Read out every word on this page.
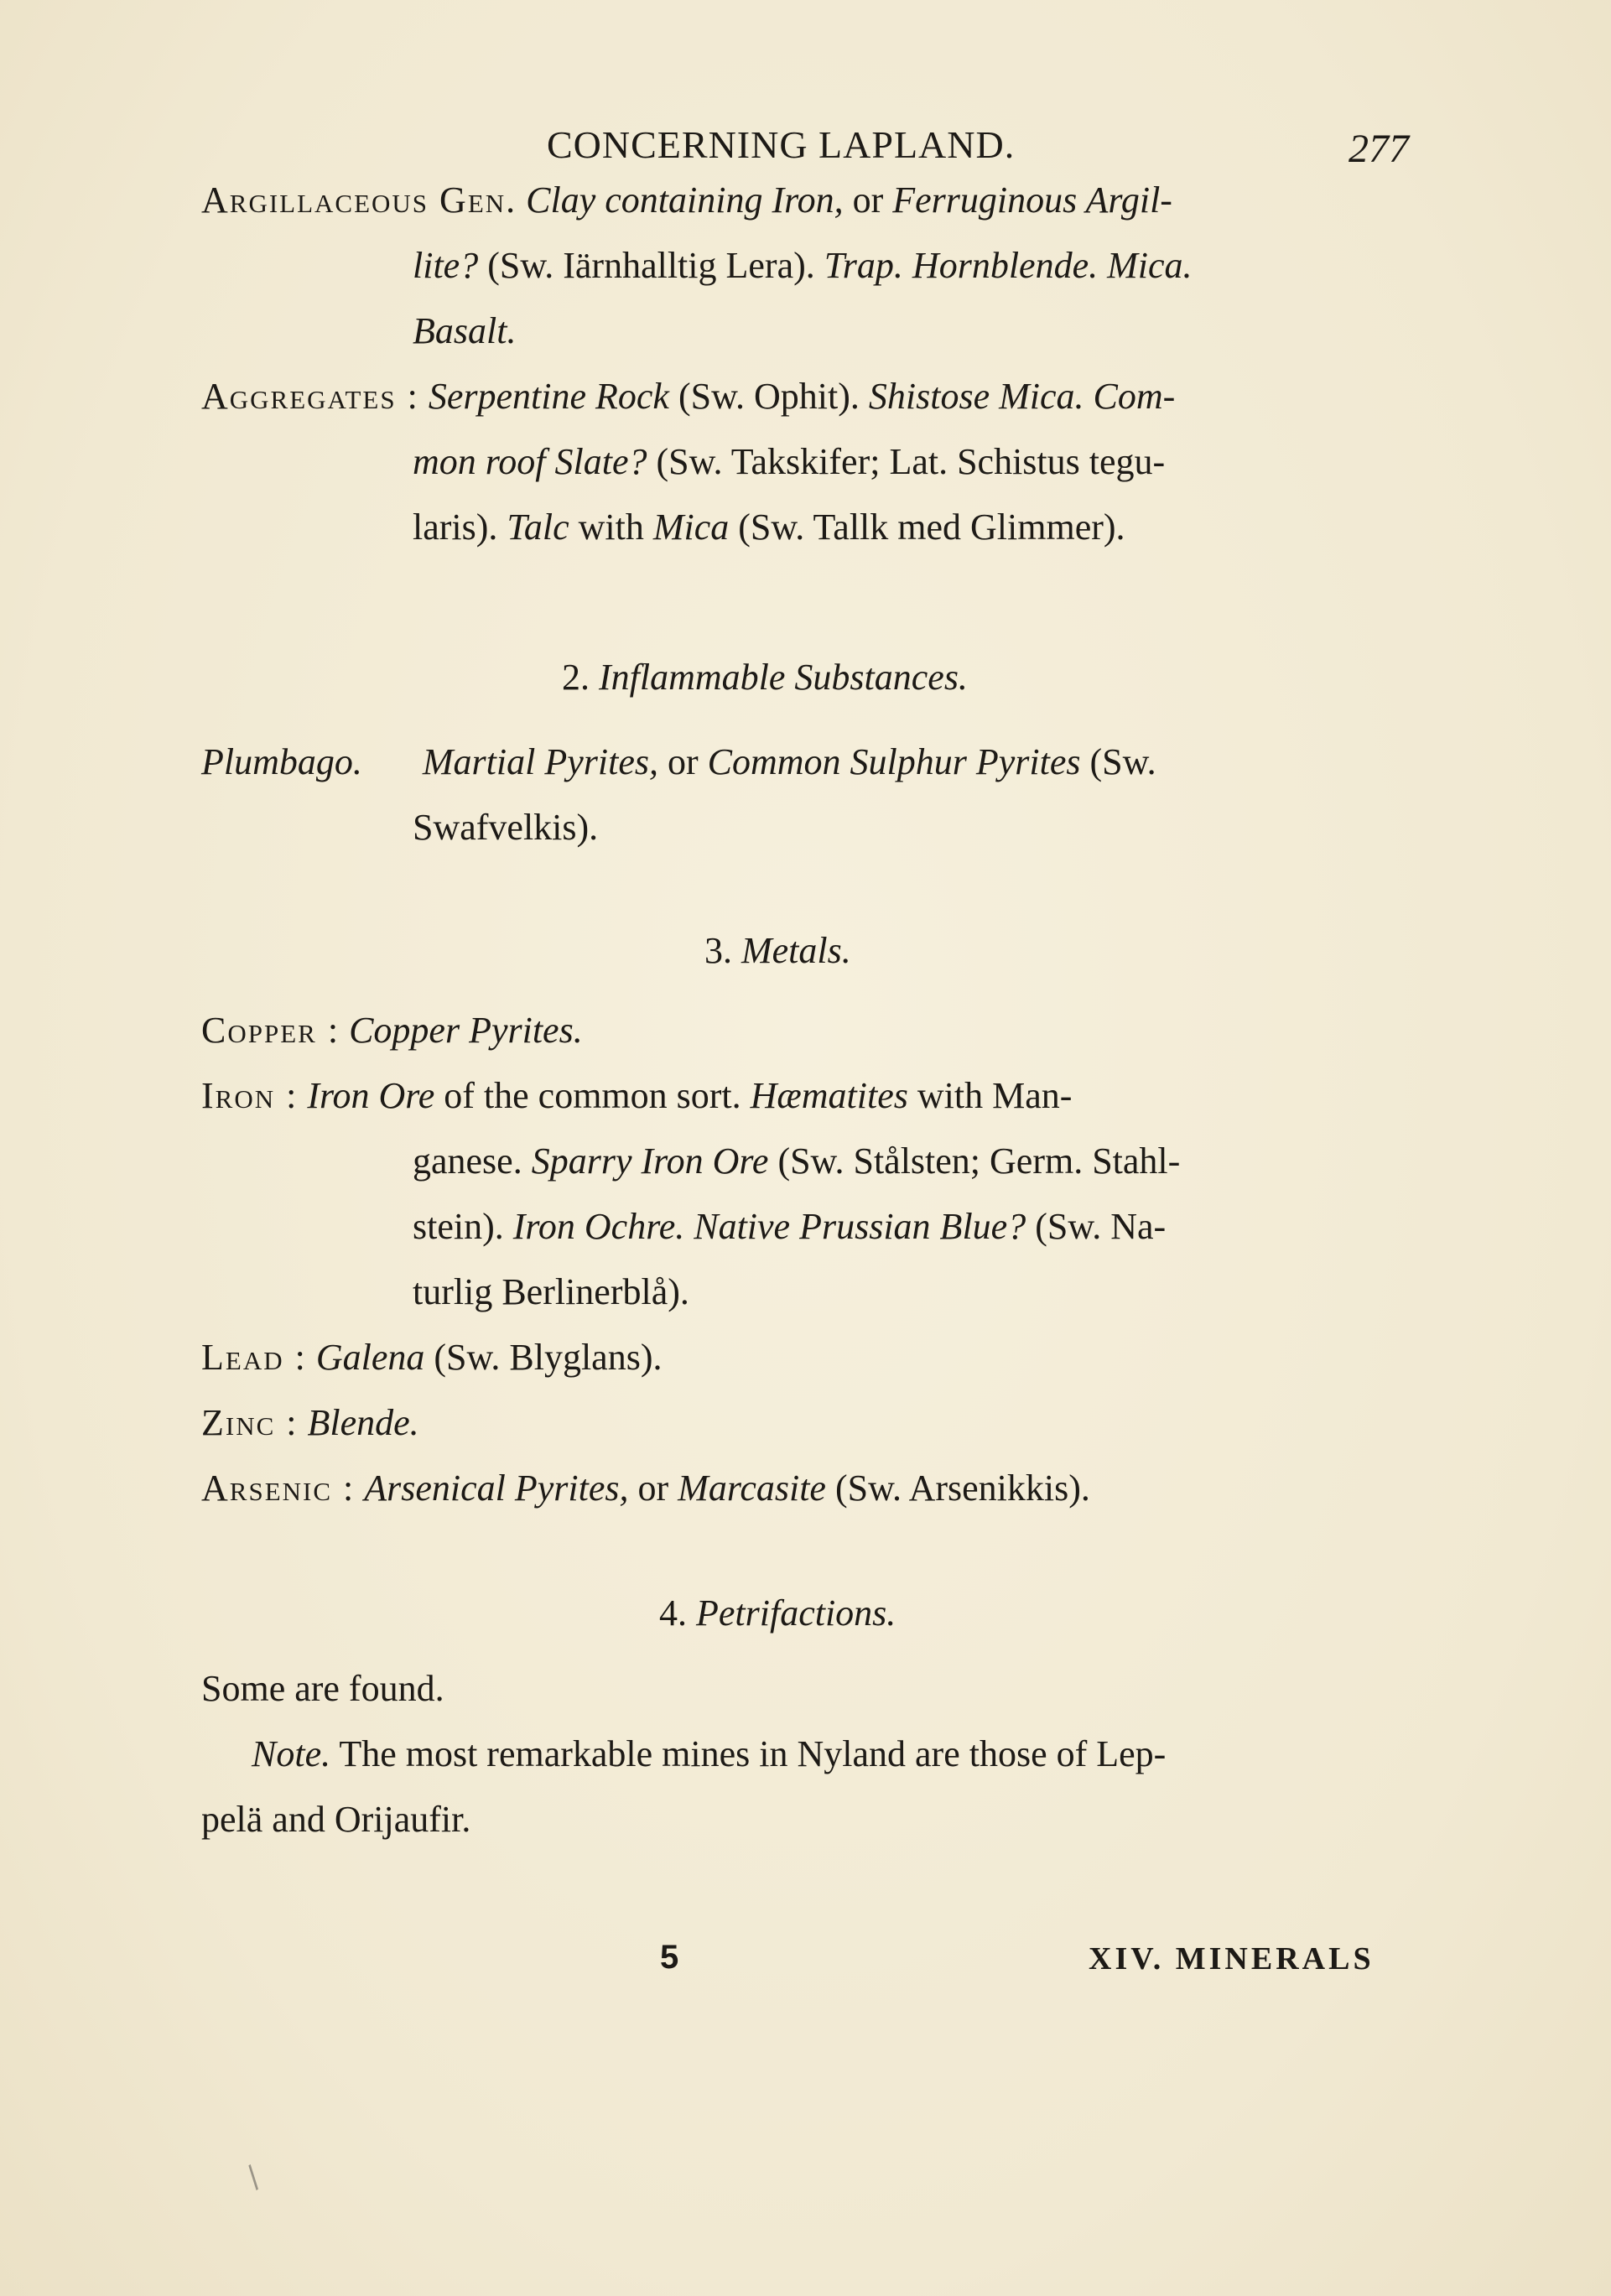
CONCERNING LAPLAND.	277
Argillaceous Gen. Clay containing Iron, or Ferruginous Argil-
lite? (Sw. Iärnhalltig Lera). Trap. Hornblende. Mica.
Basalt.
Aggregates : Serpentine Rock (Sw. Ophit). Shistose Mica. Com-
mon roof Slate? (Sw. Takskifer; Lat. Schistus tegu-
laris). Talc with Mica (Sw. Tallk med Glimmer).
2. Inflammable Substances.
Plumbago. Martial Pyrites, or Common Sulphur Pyrites (Sw.
Swafvelkis).
3. Metals.
Copper : Copper Pyrites.
Iron : Iron Ore of the common sort. Hæmatites with Man-
ganese. Sparry Iron Ore (Sw. Stålsten; Germ. Stahl-
stein). Iron Ochre. Native Prussian Blue? (Sw. Na-
turlig Berlinerblå).
Lead : Galena (Sw. Blyglans).
Zinc : Blende.
Arsenic : Arsenical Pyrites, or Marcasite (Sw. Arsenikkis).
4. Petrifactions.
Some are found.
Note. The most remarkable mines in Nyland are those of Lep-
pelä and Orijaufir.
5	XIV. MINERALS
/
